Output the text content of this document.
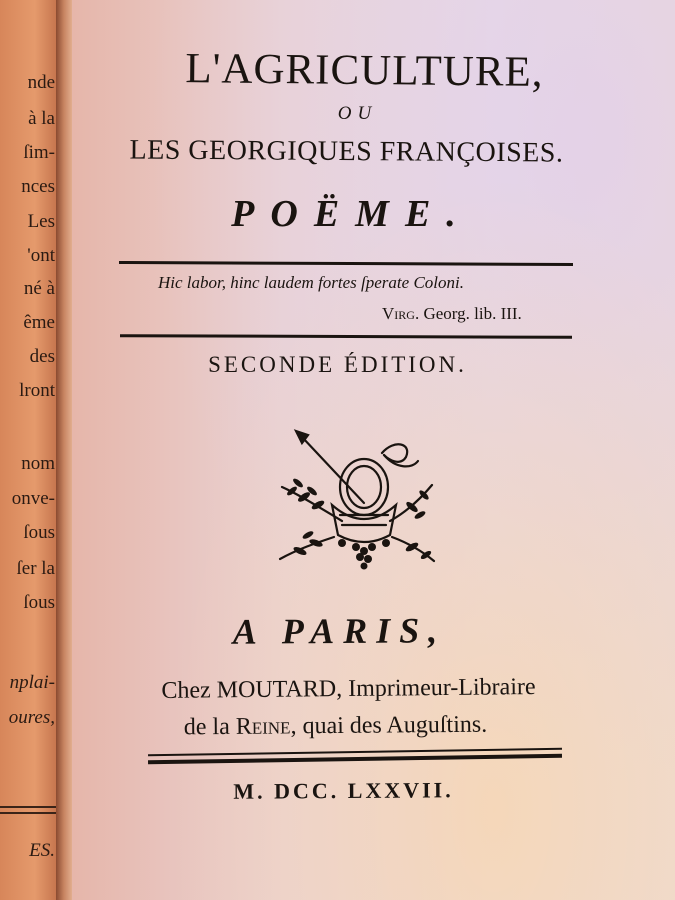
nde
à la
ſim-
nces
Les
'ont
né à
ême
des
lront
nom
onve-
ſous
ſer la
ſous
nplai-
oures,
ES.
L'AGRICULTURE,
OU
LES GEORGIQUES FRANÇOISES.
POËME.
Hic labor, hinc laudem fortes ſperate Coloni.
Virg. Georg. lib. III.
SECONDE ÉDITION.
A PARIS,
Chez MOUTARD, Imprimeur-Libraire
de la Reine, quai des Auguſtins.
M. DCC. LXXVII.
